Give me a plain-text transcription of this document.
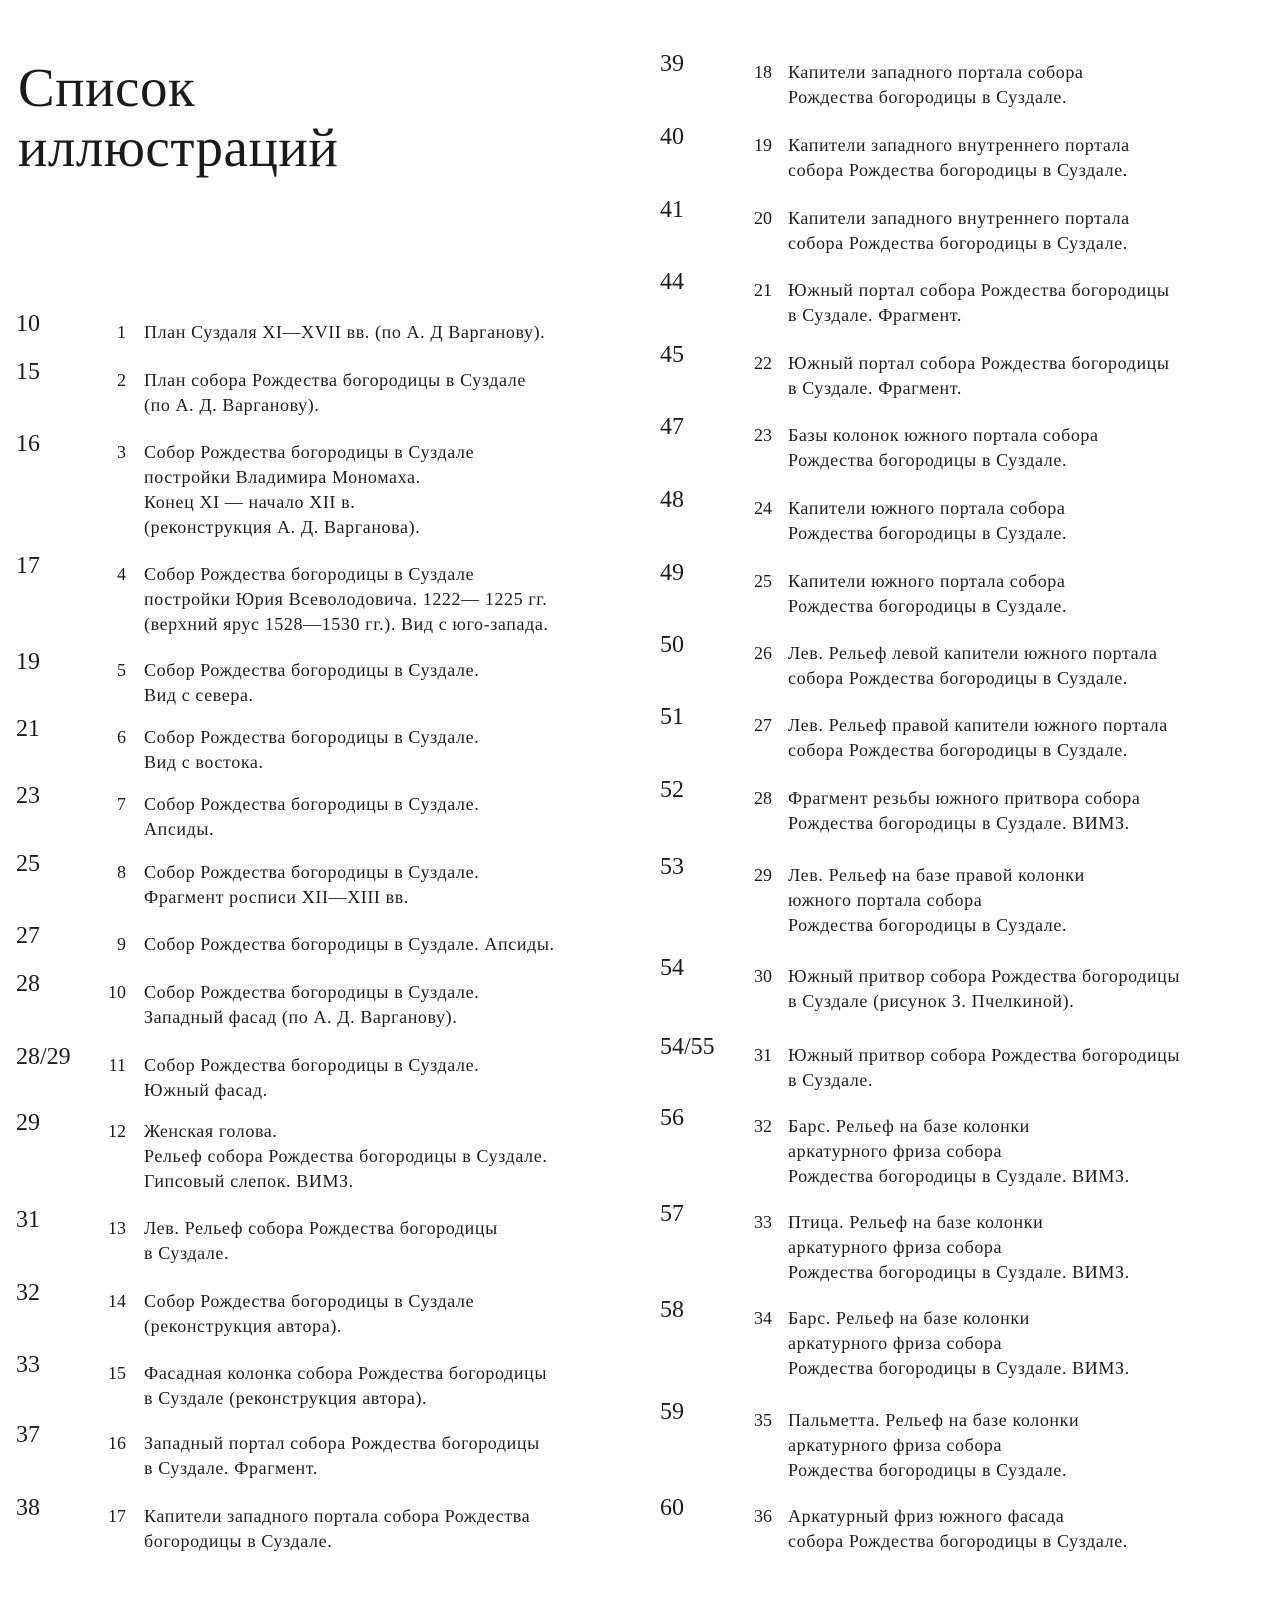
Список
иллюстраций
10	1 План Суздаля XI—XVII вв. (по А. Д Варганову).
15	2 План собора Рождества богородицы в Суздале
(по А. Д. Варганову).
16	3 Собор Рождества богородицы в Суздале
постройки Владимира Мономаха.
Конец XI — начало XII в.
(реконструкция А. Д. Варганова).
17	4 Собор Рождества богородицы в Суздале
постройки Юрия Всеволодовича. 1222— 1225 гг.
(верхний ярус 1528—1530 гг.). Вид с юго-запада.
19	5 Собор Рождества богородицы в Суздале.
Вид с севера.
21	6 Собор Рождества богородицы в Суздале.
Вид с востока.
23	7 Собор Рождества богородицы в Суздале.
Апсиды.
25	8 Собор Рождества богородицы в Суздале.
Фрагмент росписи XII—XIII вв.
27	9 Собор Рождества богородицы в Суздале. Апсиды.
28	10 Собор Рождества богородицы в Суздале.
Западный фасад (по А. Д. Варганову).
28/29	11 Собор Рождества богородицы в Суздале.
Южный фасад.
29	12 Женская голова.
Рельеф собора Рождества богородицы в Суздале.
Гипсовый слепок. ВИМЗ.
31	13 Лев. Рельеф собора Рождества богородицы
в Суздале.
32	14 Собор Рождества богородицы в Суздале
(реконструкция автора).
33	15 Фасадная колонка собора Рождества богородицы
в Суздале (реконструкция автора).
37	16 Западный портал собора Рождества богородицы
в Суздале. Фрагмент.
38	17 Капители западного портала собора Рождества
богородицы в Суздале.
39	18 Капители западного портала собора
Рождества богородицы в Суздале.
40	19 Капители западного внутреннего портала
собора Рождества богородицы в Суздале.
41	20 Капители западного внутреннего портала
собора Рождества богородицы в Суздале.
44	21 Южный портал собора Рождества богородицы
в Суздале. Фрагмент.
45	22 Южный портал собора Рождества богородицы
в Суздале. Фрагмент.
47	23 Базы колонок южного портала собора
Рождества богородицы в Суздале.
48	24 Капители южного портала собора
Рождества богородицы в Суздале.
49	25 Капители южного портала собора
Рождества богородицы в Суздале.
50	26 Лев. Рельеф левой капители южного портала
собора Рождества богородицы в Суздале.
51	27 Лев. Рельеф правой капители южного портала
собора Рождества богородицы в Суздале.
52	28 Фрагмент резьбы южного притвора собора
Рождества богородицы в Суздале. ВИМЗ.
53	29 Лев. Рельеф на базе правой колонки
южного портала собора
Рождества богородицы в Суздале.
54	30 Южный притвор собора Рождества богородицы
в Суздале (рисунок З. Пчелкиной).
54/55	31 Южный притвор собора Рождества богородицы
в Суздале.
56	32 Барс. Рельеф на базе колонки
аркатурного фриза собора
Рождества богородицы в Суздале. ВИМЗ.
57	33 Птица. Рельеф на базе колонки
аркатурного фриза собора
Рождества богородицы в Суздале. ВИМЗ.
58	34 Барс. Рельеф на базе колонки
аркатурного фриза собора
Рождества богородицы в Суздале. ВИМЗ.
59	35 Пальметта. Рельеф на базе колонки
аркатурного фриза собора
Рождества богородицы в Суздале.
60	36 Аркатурный фриз южного фасада
собора Рождества богородицы в Суздале.
